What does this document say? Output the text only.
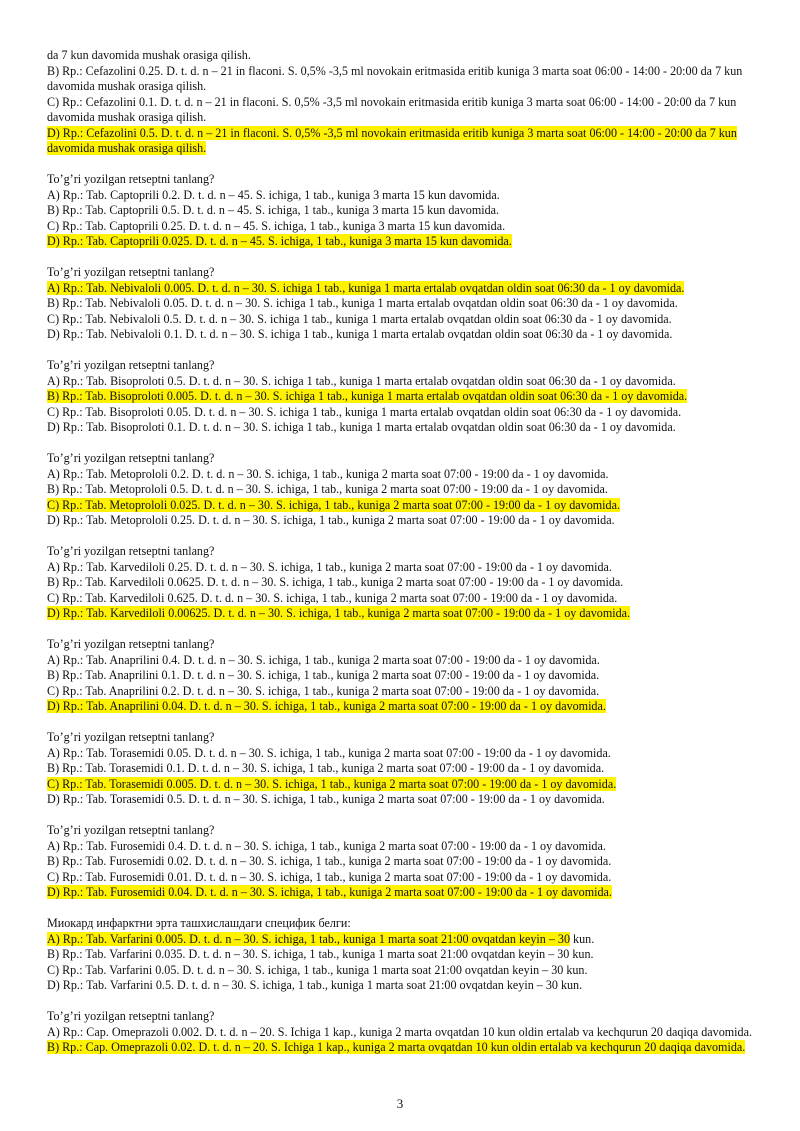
da 7 kun davomida mushak orasiga qilish.
B) Rp.: Cefazolini 0.25. D. t. d. n – 21 in flaconi. S. 0,5% -3,5 ml novokain eritmasida eritib kuniga 3 marta soat 06:00 - 14:00 - 20:00 da 7 kun davomida mushak orasiga qilish.
C) Rp.: Cefazolini 0.1. D. t. d. n – 21 in flaconi. S. 0,5% -3,5 ml novokain eritmasida eritib kuniga 3 marta soat 06:00 - 14:00 - 20:00 da 7 kun davomida mushak orasiga qilish.
D) Rp.: Cefazolini 0.5. D. t. d. n – 21 in flaconi. S. 0,5% -3,5 ml novokain eritmasida eritib kuniga 3 marta soat 06:00 - 14:00 - 20:00 da 7 kun davomida mushak orasiga qilish.
To’g’ri yozilgan retseptni tanlang?
A) Rp.: Tab. Captoprili 0.2. D. t. d. n – 45. S. ichiga, 1 tab., kuniga 3 marta 15 kun davomida.
B) Rp.: Tab. Captoprili 0.5. D. t. d. n – 45. S. ichiga, 1 tab., kuniga 3 marta 15 kun davomida.
C) Rp.: Tab. Captoprili 0.25. D. t. d. n – 45. S. ichiga, 1 tab., kuniga 3 marta 15 kun davomida.
D) Rp.: Tab. Captoprili 0.025. D. t. d. n – 45. S. ichiga, 1 tab., kuniga 3 marta 15 kun davomida.
To’g’ri yozilgan retseptni tanlang?
A) Rp.: Tab. Nebivaloli 0.005. D. t. d. n – 30. S. ichiga 1 tab., kuniga 1 marta ertalab ovqatdan oldin soat 06:30 da - 1 oy davomida.
B) Rp.: Tab. Nebivaloli 0.05. D. t. d. n – 30. S. ichiga 1 tab., kuniga 1 marta ertalab ovqatdan oldin soat 06:30 da - 1 oy davomida.
C) Rp.: Tab. Nebivaloli 0.5. D. t. d. n – 30. S. ichiga 1 tab., kuniga 1 marta ertalab ovqatdan oldin soat 06:30 da - 1 oy davomida.
D) Rp.: Tab. Nebivaloli 0.1. D. t. d. n – 30. S. ichiga 1 tab., kuniga 1 marta ertalab ovqatdan oldin soat 06:30 da - 1 oy davomida.
To’g’ri yozilgan retseptni tanlang?
A) Rp.: Tab. Bisoproloti 0.5. D. t. d. n – 30. S. ichiga 1 tab., kuniga 1 marta ertalab ovqatdan oldin soat 06:30 da - 1 oy davomida.
B) Rp.: Tab. Bisoproloti 0.005. D. t. d. n – 30. S. ichiga 1 tab., kuniga 1 marta ertalab ovqatdan oldin soat 06:30 da - 1 oy davomida.
C) Rp.: Tab. Bisoproloti 0.05. D. t. d. n – 30. S. ichiga 1 tab., kuniga 1 marta ertalab ovqatdan oldin soat 06:30 da - 1 oy davomida.
D) Rp.: Tab. Bisoproloti 0.1. D. t. d. n – 30. S. ichiga 1 tab., kuniga 1 marta ertalab ovqatdan oldin soat 06:30 da - 1 oy davomida.
To’g’ri yozilgan retseptni tanlang?
A) Rp.: Tab. Metoprololi 0.2. D. t. d. n – 30. S. ichiga, 1 tab., kuniga 2 marta soat 07:00 - 19:00 da - 1 oy davomida.
B) Rp.: Tab. Metoprololi 0.5. D. t. d. n – 30. S. ichiga, 1 tab., kuniga 2 marta soat 07:00 - 19:00 da - 1 oy davomida.
C) Rp.: Tab. Metoprololi 0.025. D. t. d. n – 30. S. ichiga, 1 tab., kuniga 2 marta soat 07:00 - 19:00 da - 1 oy davomida.
D) Rp.: Tab. Metoprololi 0.25. D. t. d. n – 30. S. ichiga, 1 tab., kuniga 2 marta soat 07:00 - 19:00 da - 1 oy davomida.
To’g’ri yozilgan retseptni tanlang?
A) Rp.: Tab. Karvediloli 0.25. D. t. d. n – 30. S. ichiga, 1 tab., kuniga 2 marta soat 07:00 - 19:00 da - 1 oy davomida.
B) Rp.: Tab. Karvediloli 0.0625. D. t. d. n – 30. S. ichiga, 1 tab., kuniga 2 marta soat 07:00 - 19:00 da - 1 oy davomida.
C) Rp.: Tab. Karvediloli 0.625. D. t. d. n – 30. S. ichiga, 1 tab., kuniga 2 marta soat 07:00 - 19:00 da - 1 oy davomida.
D) Rp.: Tab. Karvediloli 0.00625. D. t. d. n – 30. S. ichiga, 1 tab., kuniga 2 marta soat 07:00 - 19:00 da - 1 oy davomida.
To’g’ri yozilgan retseptni tanlang?
A) Rp.: Tab. Anaprilini 0.4. D. t. d. n – 30. S. ichiga, 1 tab., kuniga 2 marta soat 07:00 - 19:00 da - 1 oy davomida.
B) Rp.: Tab. Anaprilini 0.1. D. t. d. n – 30. S. ichiga, 1 tab., kuniga 2 marta soat 07:00 - 19:00 da - 1 oy davomida.
C) Rp.: Tab. Anaprilini 0.2. D. t. d. n – 30. S. ichiga, 1 tab., kuniga 2 marta soat 07:00 - 19:00 da - 1 oy davomida.
D) Rp.: Tab. Anaprilini 0.04. D. t. d. n – 30. S. ichiga, 1 tab., kuniga 2 marta soat 07:00 - 19:00 da - 1 oy davomida.
To’g’ri yozilgan retseptni tanlang?
A) Rp.: Tab. Torasemidi 0.05. D. t. d. n – 30. S. ichiga, 1 tab., kuniga 2 marta soat 07:00 - 19:00 da - 1 oy davomida.
B) Rp.: Tab. Torasemidi 0.1. D. t. d. n – 30. S. ichiga, 1 tab., kuniga 2 marta soat 07:00 - 19:00 da - 1 oy davomida.
C) Rp.: Tab. Torasemidi 0.005. D. t. d. n – 30. S. ichiga, 1 tab., kuniga 2 marta soat 07:00 - 19:00 da - 1 oy davomida.
D) Rp.: Tab. Torasemidi 0.5. D. t. d. n – 30. S. ichiga, 1 tab., kuniga 2 marta soat 07:00 - 19:00 da - 1 oy davomida.
To’g’ri yozilgan retseptni tanlang?
A) Rp.: Tab. Furosemidi 0.4. D. t. d. n – 30. S. ichiga, 1 tab., kuniga 2 marta soat 07:00 - 19:00 da - 1 oy davomida.
B) Rp.: Tab. Furosemidi 0.02. D. t. d. n – 30. S. ichiga, 1 tab., kuniga 2 marta soat 07:00 - 19:00 da - 1 oy davomida.
C) Rp.: Tab. Furosemidi 0.01. D. t. d. n – 30. S. ichiga, 1 tab., kuniga 2 marta soat 07:00 - 19:00 da - 1 oy davomida.
D) Rp.: Tab. Furosemidi 0.04. D. t. d. n – 30. S. ichiga, 1 tab., kuniga 2 marta soat 07:00 - 19:00 da - 1 oy davomida.
Миокард инфарктни эрта ташхислашдаги специфик белги:
A) Rp.: Tab. Varfarini 0.005. D. t. d. n – 30. S. ichiga, 1 tab., kuniga 1 marta soat 21:00 ovqatdan keyin – 30 kun.
B) Rp.: Tab. Varfarini 0.035. D. t. d. n – 30. S. ichiga, 1 tab., kuniga 1 marta soat 21:00 ovqatdan keyin – 30 kun.
C) Rp.: Tab. Varfarini 0.05. D. t. d. n – 30. S. ichiga, 1 tab., kuniga 1 marta soat 21:00 ovqatdan keyin – 30 kun.
D) Rp.: Tab. Varfarini 0.5. D. t. d. n – 30. S. ichiga, 1 tab., kuniga 1 marta soat 21:00 ovqatdan keyin – 30 kun.
To’g’ri yozilgan retseptni tanlang?
A) Rp.: Cap. Omeprazoli 0.002. D. t. d. n – 20. S. Ichiga 1 kap., kuniga 2 marta ovqatdan 10 kun oldin ertalab va kechqurun 20 daqiqa davomida.
B) Rp.: Cap. Omeprazoli 0.02. D. t. d. n – 20. S. Ichiga 1 kap., kuniga 2 marta ovqatdan 10 kun oldin ertalab va kechqurun 20 daqiqa davomida.
3
